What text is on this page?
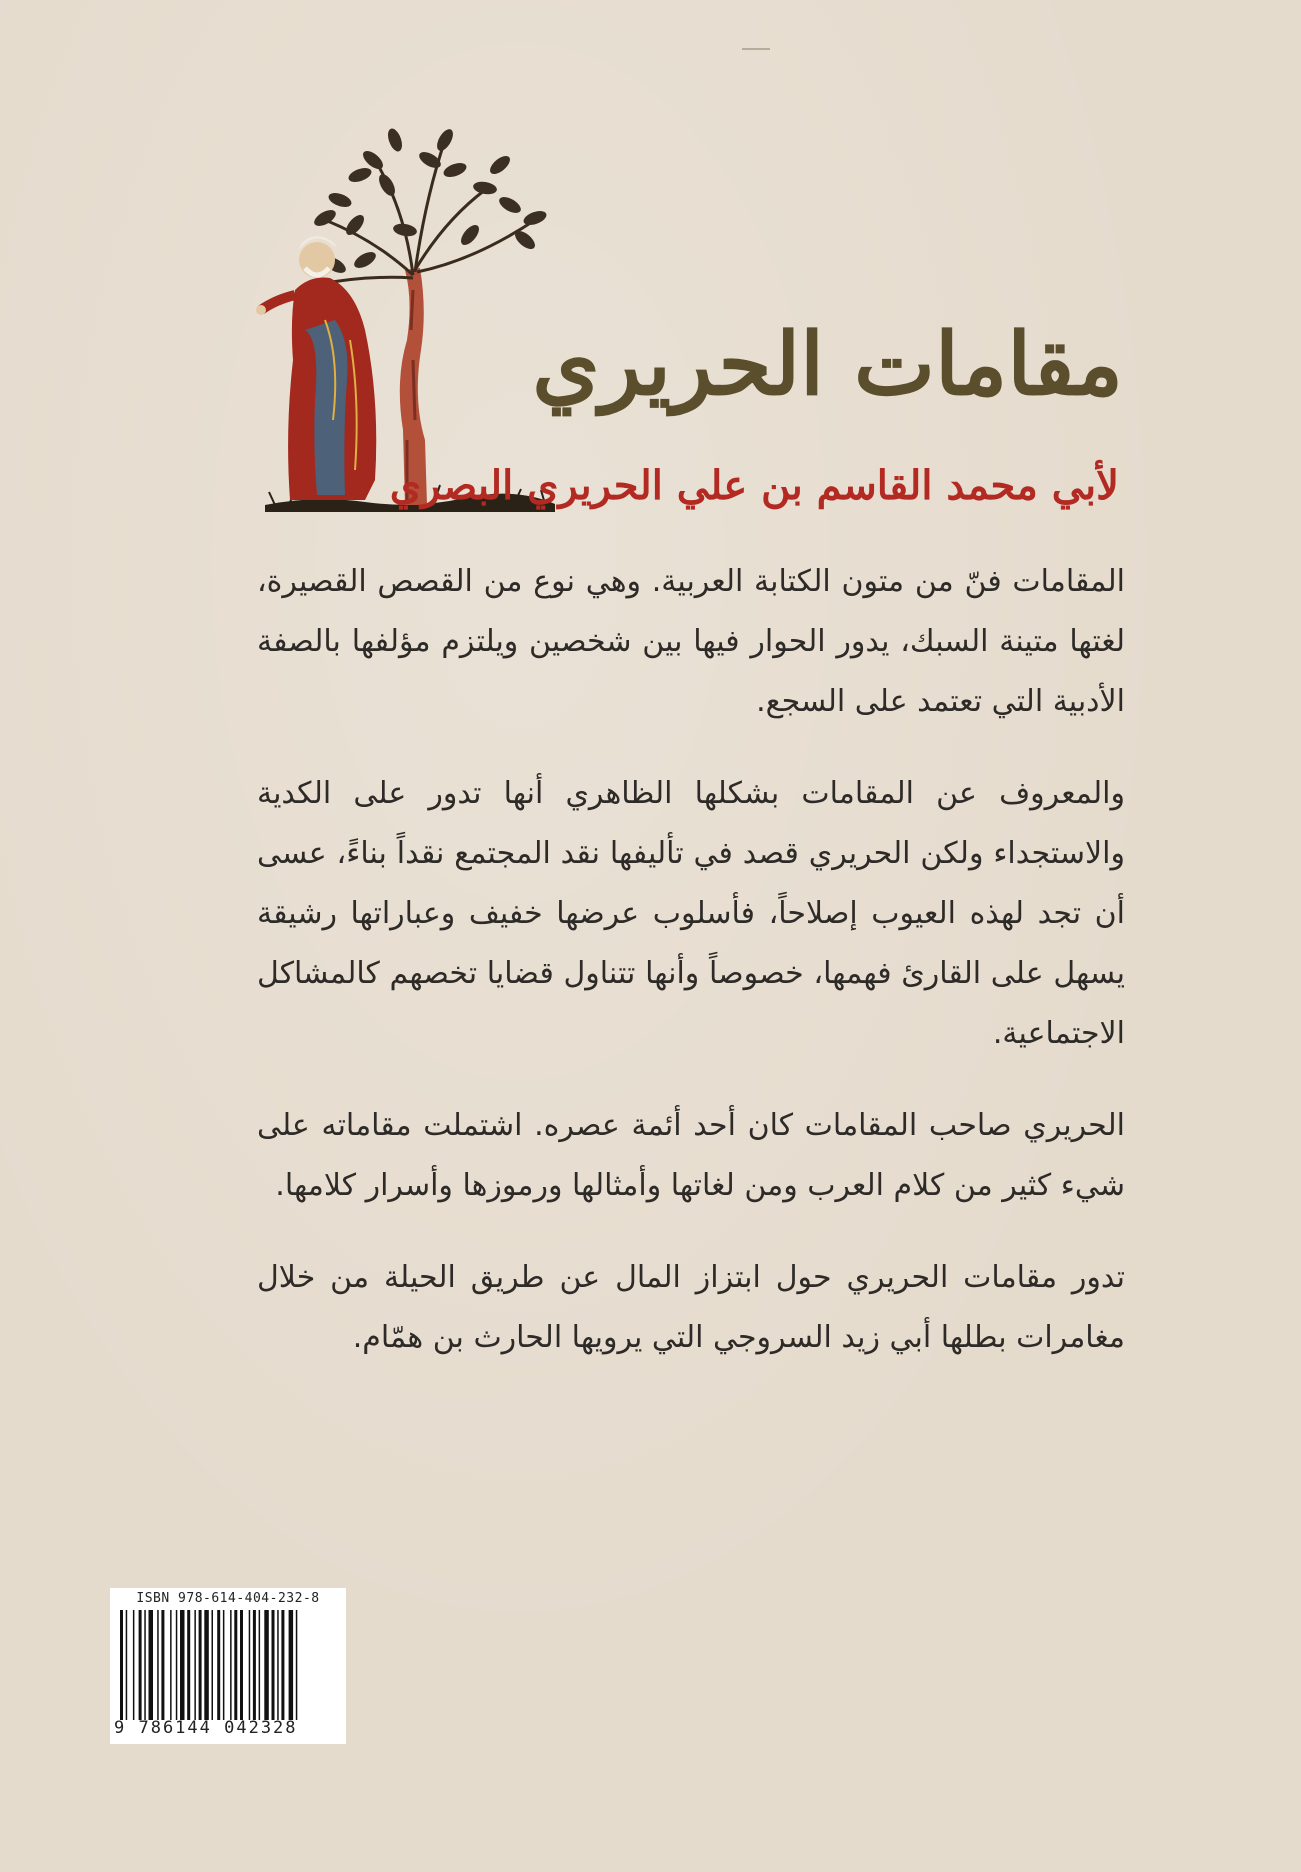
مقامات الحريري
لأبي محمد القاسم بن علي الحريري البصري

المقامات فنّ من متون الكتابة العربية. وهي نوع من القصص القصيرة، لغتها متينة السبك، يدور الحوار فيها بين شخصين ويلتزم مؤلفها بالصفة الأدبية التي تعتمد على السجع.

والمعروف عن المقامات بشكلها الظاهري أنها تدور على الكدية والاستجداء ولكن الحريري قصد في تأليفها نقد المجتمع نقداً بناءً، عسى أن تجد لهذه العيوب إصلاحاً، فأسلوب عرضها خفيف وعباراتها رشيقة يسهل على القارئ فهمها، خصوصاً وأنها تتناول قضايا تخصهم كالمشاكل الاجتماعية.

الحريري صاحب المقامات كان أحد أئمة عصره. اشتملت مقاماته على شيء كثير من كلام العرب ومن لغاتها وأمثالها ورموزها وأسرار كلامها.

تدور مقامات الحريري حول ابتزاز المال عن طريق الحيلة من خلال مغامرات بطلها أبي زيد السروجي التي يرويها الحارث بن همّام.

ISBN 978-614-404-232-8
9 786144 042328
